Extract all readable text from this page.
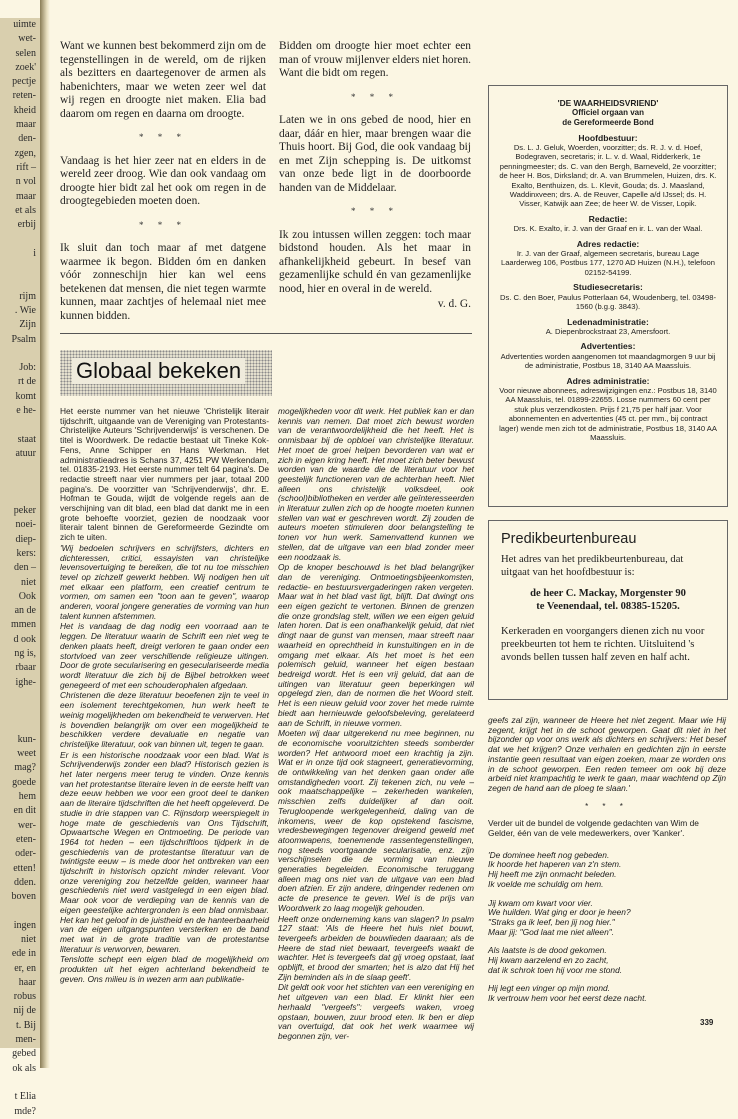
uimte
wet-
selen
zoek'
pectje
reten-
kheid
maar
den-
zgen,
rift –
n vol
maar
et als
erbij

i

rijm
. Wie
Zijn
Psalm

Job:
rt de
komt
e he-

staat
atuur

peker
noei-
diep-
kers:
den –
niet
Ook
an de
mmen
d ook
ng is,
rbaar
ighe-

kun-
weet
mag?
goede
hem
en dit
wer-
eten-
oder-
etten!
dden.
boven

ingen
niet
ede in
er, en
haar
robus
nij de
t. Bij
men-
gebed
ok als

t Elia
mde?

Want we kunnen best bekommerd zijn om de tegenstellingen in de wereld, om de rijken als bezitters en daartegenover de armen als habenichters, maar we weten zeer wel dat wij regen en droogte niet maken. Elia bad daarom om regen en daarna om droogte.

* * *

Vandaag is het hier zeer nat en elders in de wereld zeer droog. Wie dan ook vandaag om droogte hier bidt zal het ook om regen in de droogtegebieden moeten doen.

* * *

Ik sluit dan toch maar af met datgene waarmee ik begon. Bidden óm en danken vóór zonneschijn hier kan wel eens betekenen dat mensen, die niet tegen warmte kunnen, maar zachtjes of helemaal niet mee kunnen bidden.

Bidden om droogte hier moet echter een man of vrouw mijlenver elders niet horen. Want die bidt om regen.

* * *

Laten we in ons gebed de nood, hier en daar, dáár en hier, maar brengen waar die Thuis hoort. Bij God, die ook vandaag bij en met Zijn schepping is. De uitkomst van onze bede ligt in de doorboorde handen van de Middelaar.

* * *

Ik zou intussen willen zeggen: toch maar bidstond houden. Als het maar in afhankelijkheid gebeurt. In besef van gezamenlijke schuld én van gezamenlijke nood, hier en overal in de wereld.

v. d. G.
'DE WAARHEIDSVRIEND'
Officiel orgaan van
de Gereformeerde Bond
Hoofdbestuur:
Ds. L. J. Geluk, Woerden, voorzitter; ds. R. J. v. d. Hoef, Bodegraven, secretaris; ir. L. v. d. Waal, Ridderkerk, 1e penningmeester; ds. C. van den Bergh, Barneveld, 2e voorzitter; de heer H. Bos, Dirksland; dr. A. van Brummelen, Huizen, drs. K. Exalto, Benthuizen, ds. L. Klevit, Gouda; ds. J. Maasland, Waddinxveen; drs. A. de Reuver, Capelle a/d IJssel; ds. H. Visser, Katwijk aan Zee; de heer W. de Visser, Lopik.
Redactie:
Drs. K. Exalto, ir. J. van der Graaf en ir. L. van der Waal.
Adres redactie:
Ir. J. van der Graaf, algemeen secretaris, bureau Lage Laarderweg 106, Postbus 177, 1270 AD Huizen (N.H.), telefoon 02152-54199.
Studiesecretaris:
Ds. C. den Boer, Paulus Potterlaan 64, Woudenberg, tel. 03498-1560 (b.g.g. 3843).
Ledenadministratie:
A. Diepenbrockstraat 23, Amersfoort.
Advertenties:
Advertenties worden aangenomen tot maandagmorgen 9 uur bij de administratie, Postbus 18, 3140 AA Maassluis.
Adres administratie:
Voor nieuwe abonnees, adreswijzigingen enz.: Postbus 18, 3140 AA Maassluis, tel. 01899-22655. Losse nummers 60 cent per stuk plus verzendkosten. Prijs f 21,75 per half jaar. Voor abonnementen en advertenties (45 ct. per mm., bij contract lager) wende men zich tot de administratie, Postbus 18, 3140 AA Maassluis.
Predikbeurtenbureau
Het adres van het predikbeurtenbureau, dat uitgaat van het hoofdbestuur is:
de heer C. Mackay, Morgenster 90
te Veenendaal, tel. 08385-15205.
Kerkeraden en voorgangers dienen zich nu voor preekbeurten tot hem te richten. Uitsluitend 's avonds bellen tussen half zeven en half acht.
Globaal bekeken

Het eerste nummer van het nieuwe 'Christelijk literair tijdschrift, uitgaande van de Vereniging van Protestants-Christelijke Auteurs 'Schrijvenderwijs' is verschenen. De titel is Woordwerk. De redactie bestaat uit Tineke Kok-Fens, Anne Schipper en Hans Werkman. Het administratieadres is Schans 37, 4251 PW Werkendam, tel. 01835-2193. Het eerste nummer telt 64 pagina's. De redactie streeft naar vier nummers per jaar, totaal 200 pagina's. De voorzitter van 'Schrijvenderwijs', dhr. E. Hofman te Gouda, wijdt de volgende regels aan de verschijning van dit blad, een blad dat dankt me in een grote behoefte voorziet, gezien de noodzaak voor literair talent binnen de Gereformeerde Gezindte om zich te uiten.

'Wij bedoelen schrijvers en schrijfsters, dichters en dichteressen, critici, essayisten van christelijke levensovertuiging te bereiken, die tot nu toe misschien tevel op zichzelf gewerkt hebben. Wij nodigen hen uit met elkaar een platform, een creatief centrum te vormen, om samen een "toon aan te geven", waarop anderen, vooral jongere generaties de vorming van hun talent kunnen afstemmen.

Het is vandaag de dag nodig een voorraad aan te leggen. De literatuur waarin de Schrift een niet weg te denken plaats heeft, dreigt verloren te gaan onder een stortvloed van zeer verschillende religieuze uitingen. Door de grote secularisering en geseculariseerde media wordt literatuur die zich bij de Bijbel betrokken weet genegeerd of met een schouderophalen afgedaan.

Christenen die deze literatuur beoefenen zijn te veel in een isolement terechtgekomen, hun werk heeft te weinig mogelijkheden om bekendheid te verwerven. Het is bovendien belangrijk om over een mogelijkheid te beschikken verdere devaluatie en negatie van christelijke literatuur, ook van binnen uit, tegen te gaan.

Er is een historische noodzaak voor een blad. Wat is Schrijvenderwijs zonder een blad? Historisch gezien is het later nergens meer terug te vinden. Onze kennis van het protestantse literaire leven in de eerste helft van deze eeuw hebben we voor een groot deel te danken aan de literaire tijdschriften die het heeft opgeleverd. De studie in drie stappen van C. Rijnsdorp weerspiegelt in hoge mate de geschiedenis van Ons Tijdschrift, Opwaartsche Wegen en Ontmoeting. De periode van 1964 tot heden – een tijdschriftloos tijdperk in de geschiedenis van de protestantse literatuur van de twintigste eeuw – is mede door het ontbreken van een tijdschrift in historisch opzicht minder relevant. Voor onze vereniging zou hetzelfde gelden, wanneer haar geschiedenis niet werd vastgelegd in een eigen blad. Maar ook voor de verdieping van de kennis van de eigen geestelijke achtergronden is een blad onmisbaar. Het kan het geloof in de juistheid en de hanteerbaarheid van de eigen uitgangspunten versterken en de band met wat in de grote traditie van de protestantse literatuur is verworven, bewaren.

Tenslotte schept een eigen blad de mogelijkheid om produkten uit het eigen achterland bekendheid te geven. Ons milieu is in wezen arm aan publikatie-

mogelijkheden voor dit werk. Het publiek kan er dan kennis van nemen. Dat moet zich bewust worden van de verantwoordelijkheid die het heeft. Het is onmisbaar bij de opbloei van christelijke literatuur. Het moet de groei helpen bevorderen van wat er zich in eigen kring heeft. Het moet zich beter bewust worden van de waarde die de literatuur voor het geestelijk functioneren van de achterban heeft. Niet alleen ons christelijk volksdeel, ook (school)bibliotheken en verder alle geïnteresseerden in literatuur zullen zich op de hoogte moeten kunnen stellen van wat er geschreven wordt. Zij zouden de auteurs moeten stimuleren door belangstelling te tonen vor hun werk. Samenvattend kunnen we stellen, dat de uitgave van een blad zonder meer een noodzaak is.

Op de knoper beschouwd is het blad belangrijker dan de vereniging. Ontmoetingsbijeenkomsten, redactie- en bestuursvergaderingen raken vergeten. Maar wat in het blad vast ligt, blijft. Dat dwingt ons een eigen gezicht te vertonen. Binnen de grenzen die onze grondslag stelt, willen we een eigen geluid laten horen. Dat is een onafhankelijk geluid, dat niet dingt naar de gunst van mensen, maar streeft naar waarheid en oprechtheid in kunstuitingen en in de omgang met elkaar. Als het moet is het een polemisch geluid, wanneer het eigen bestaan bedreigd wordt. Het is een vrij geluid, dat aan de uitingen van literatuur geen beperkingen wil opgelegd zien, dan de normen die het Woord stelt. Het is een nieuw geluid voor zover het mede ruimte biedt aan hernieuwde geloofsbeleving, gerelateerd aan de Schrift, in nieuwe vormen.

Moeten wij daar uitgerekend nu mee beginnen, nu de economische vooruitzichten steeds somberder worden? Het antwoord moet een krachtig ja zijn. Wat er in onze tijd ook stagneert, generatievorming, de ontwikkeling van het denken gaan onder alle omstandigheden voort. Zij tekenen zich, nu vele – ook maatschappelijke – zekerheden wankelen, misschien zelfs duidelijker af dan ooit. Terugloopende werkgelegenheid, daling van de inkomens, weer de kop opstekend fascisme, vredesbewegingen tegenover dreigend geweld met atoomwapens, toenemende rassentegenstellingen, nog steeds voortgaande secularisatie, enz. zijn verschijnselen die de vorming van nieuwe generaties begeleiden. Economische teruggang alleen mag ons niet van de uitgave van een blad doen afzien. Er zijn andere, dringender redenen om acte de presence te geven. Wel is de prijs van Woordwerk zo laag mogelijk gehouden.

Heeft onze onderneming kans van slagen? In psalm 127 staat: 'Als de Heere het huis niet bouwt, tevergeefs arbeiden de bouwlieden daaraan; als de Heere de stad niet bewaart, tevergeefs waakt de wachter. Het is tevergeefs dat gij vroeg opstaat, laat opblijft, et brood der smarten; het is alzo dat Hij het Zijn beminden als in de slaap geeft'.

Dit geldt ook voor het stichten van een vereniging en het uitgeven van een blad. Er klinkt hier een herhaald "vergeefs": vergeefs waken, vroeg opstaan, bouwen, zuur brood eten. Ik ben er diep van overtuigd, dat ook het werk waarmee wij begonnen zijn, ver-

geefs zal zijn, wanneer de Heere het niet zegent. Maar wie Hij zegent, krijgt het in de schoot geworpen. Gaat dit niet in het bijzonder op voor ons werk als dichters en schrijvers: Het besef dat we het krijgen? Onze verhalen en gedichten zijn in eerste instantie geen resultaat van eigen zoeken, maar ze worden ons in de schoot geworpen. Een reden temeer om ook bij deze arbeid niet krampachtig te werk te gaan, maar wachtend op Zijn zegen de hand aan de ploeg te slaan.'

* * *

Verder uit de bundel de volgende gedachten van Wim de Gelder, één van de vele medewerkers, over 'Kanker'.

'De dominee heeft nog gebeden.
Ik hoorde het haperen van z'n stem.
Hij heeft me zijn onmacht beleden.
Ik voelde me schuldig om hem.

Jij kwam om kwart voor vier.
We huilden. Wat ging er door je heen?
"Straks ga ik leef, ben jij nog hier."
Maar jij: "God laat me niet alleen".

Als laatste is de dood gekomen.
Hij kwam aarzelend en zo zacht,
dat ik schrok toen hij voor me stond.

Hij legt een vinger op mijn mond.
Ik vertrouw hem voor het eerst deze nacht.

339
